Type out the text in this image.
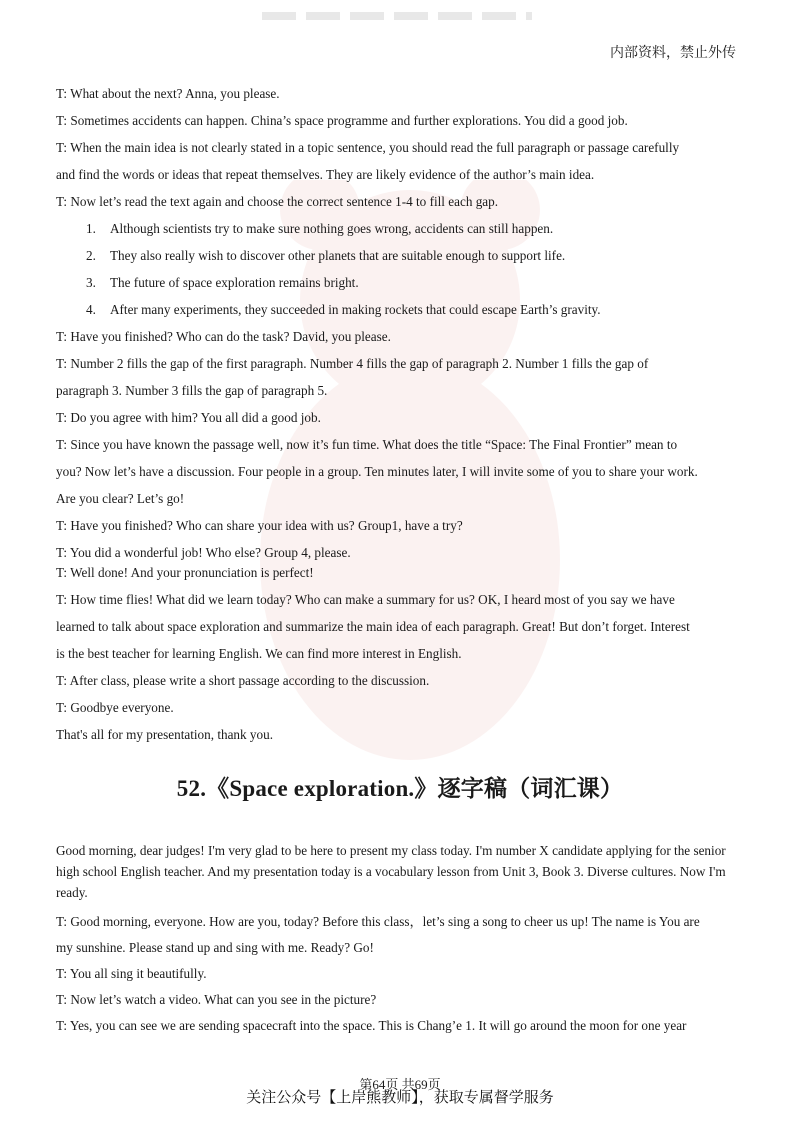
内部资料，禁止外传

T: What about the next? Anna, you please.

T: Sometimes accidents can happen. China’s space programme and further explorations. You did a good job.

T: When the main idea is not clearly stated in a topic sentence, you should read the full paragraph or passage carefully

and find the words or ideas that repeat themselves. They are likely evidence of the author’s main idea.

T: Now let’s read the text again and choose the correct sentence 1-4 to fill each gap.

1. Although scientists try to make sure nothing goes wrong, accidents can still happen.
2. They also really wish to discover other planets that are suitable enough to support life.
3. The future of space exploration remains bright.
4. After many experiments, they succeeded in making rockets that could escape Earth’s gravity.

T: Have you finished? Who can do the task? David, you please.

T: Number 2 fills the gap of the first paragraph. Number 4 fills the gap of paragraph 2. Number 1 fills the gap of

paragraph 3. Number 3 fills the gap of paragraph 5.

T: Do you agree with him? You all did a good job.

T: Since you have known the passage well, now it’s fun time. What does the title “Space: The Final Frontier” mean to

you? Now let’s have a discussion. Four people in a group. Ten minutes later, I will invite some of you to share your work.

Are you clear? Let’s go!

T: Have you finished? Who can share your idea with us? Group1, have a try?

T: You did a wonderful job! Who else? Group 4, please.

T: Well done! And your pronunciation is perfect!

T: How time flies! What did we learn today? Who can make a summary for us? OK, I heard most of you say we have

learned to talk about space exploration and summarize the main idea of each paragraph. Great! But don’t forget. Interest

is the best teacher for learning English. We can find more interest in English.

T: After class, please write a short passage according to the discussion.

T: Goodbye everyone.

That's all for my presentation, thank you.

52.《Space exploration.》逐字稿（词汇课）

Good morning, dear judges! I'm very glad to be here to present my class today. I'm number X candidate applying for the senior high school English teacher. And my presentation today is a vocabulary lesson from Unit 3, Book 3. Diverse cultures. Now I'm ready.

T: Good morning, everyone. How are you, today? Before this class，let’s sing a song to cheer us up! The name is You are

my sunshine. Please stand up and sing with me. Ready? Go!

T: You all sing it beautifully.

T: Now let’s watch a video. What can you see in the picture?

T: Yes, you can see we are sending spacecraft into the space. This is Chang’e 1. It will go around the moon for one year

第64页 共69页
关注公众号【上岸熊教师】，获取专属督学服务
